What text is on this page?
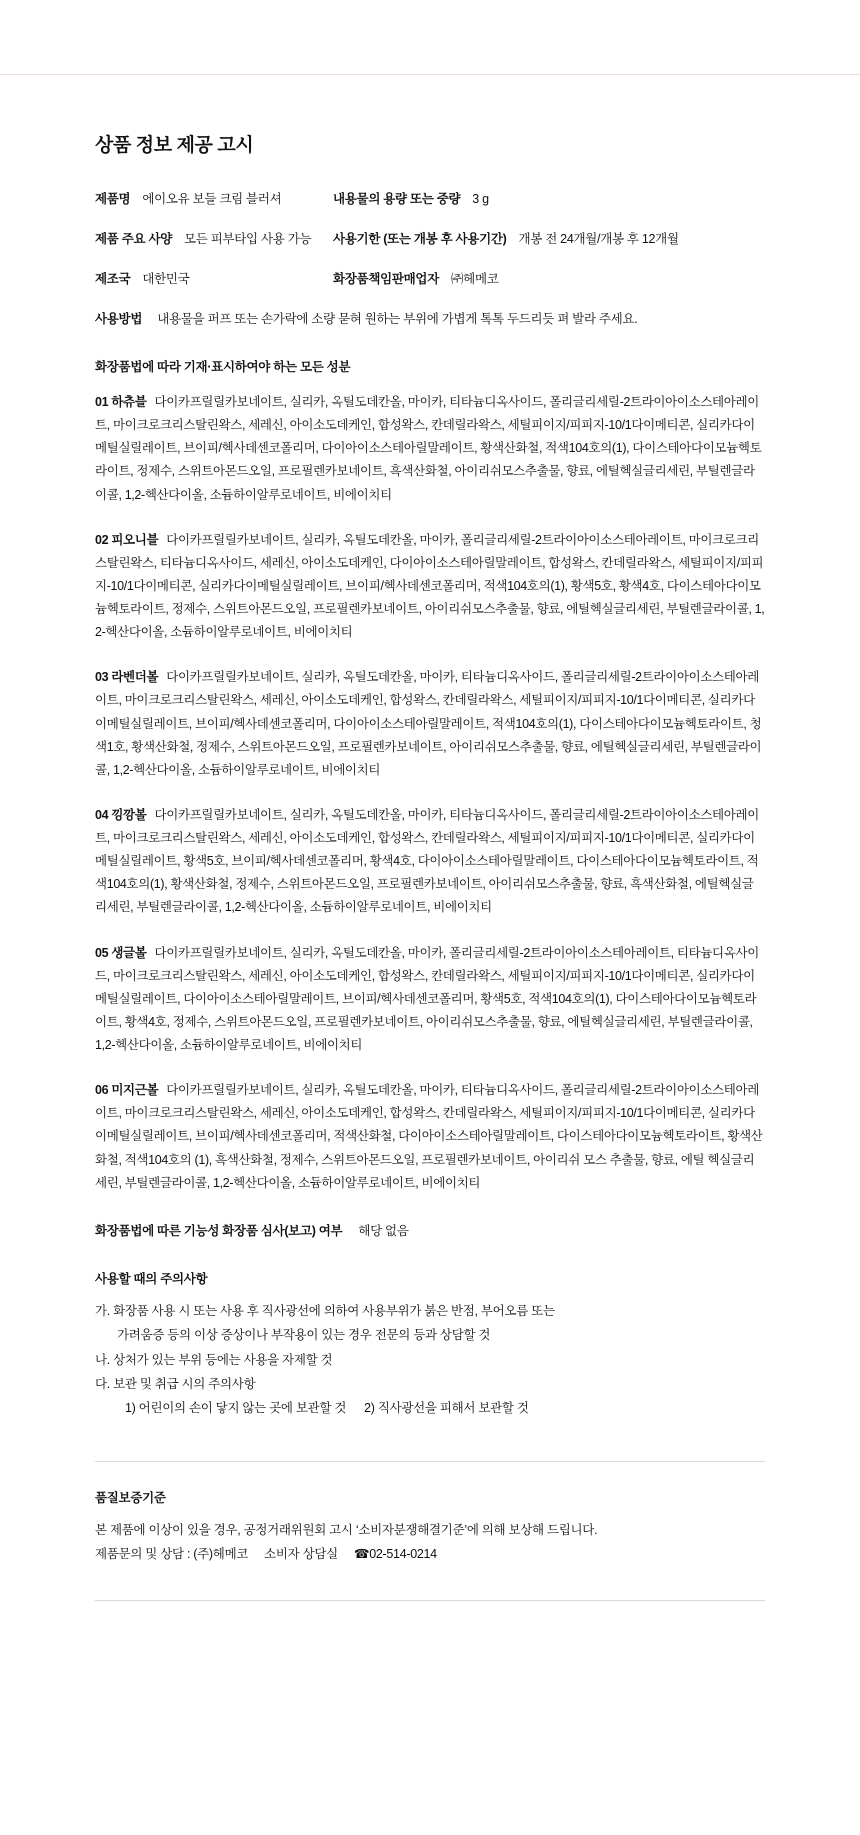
상품 정보 제공 고시
제품명 에이오유 보들 크림 블러셔	내용물의 용량 또는 중량 3 g
제품 주요 사양 모든 피부타입 사용 가능 사용기한 (또는 개봉 후 사용기간) 개봉 전 24개월/개봉 후 12개월
제조국 대한민국	화장품책임판매업자 ㈜헤메코
사용방법 내용물을 퍼프 또는 손가락에 소량 묻혀 원하는 부위에 가볍게 톡톡 두드리듯 펴 발라 주세요.
화장품법에 따라 기재·표시하여야 하는 모든 성분
01 하츄블 다이카프릴릴카보네이트, 실리카, 옥틸도데칸올, 마이카, 티타늄디옥사이드, 폴리글리세릴-2트라이아이소스테아레이트, 마이크로크리스탈린왁스, 세레신, 아이소도데케인, 합성왁스, 칸데릴라왁스, 세틸피이지/피피지-10/1다이메티콘, 실리카다이메틸실릴레이트, 브이피/헥사데센코폴리머, 다이아이소스테아릴말레이트, 황색산화철, 적색104호의(1), 다이스테아다이모늄헥토라이트, 정제수, 스위트아몬드오일, 프로필렌카보네이트, 흑색산화철, 아이리쉬모스추출물, 향료, 에틸헥실글리세린, 부틸렌글라이콜, 1,2-헥산다이올, 소듐하이알루로네이트, 비에이치티
02 피오니블 다이카프릴릴카보네이트, 실리카, 옥틸도데칸올, 마이카, 폴리글리세릴-2트라이아이소스테아레이트, 마이크로크리스탈린왁스, 티타늄디옥사이드, 세레신, 아이소도데케인, 다이아이소스테아릴말레이트, 합성왁스, 칸데릴라왁스, 세틸피이지/피피지-10/1다이메티콘, 실리카다이메틸실릴레이트, 브이피/헥사데센코폴리머, 적색104호의(1), 황색5호, 황색4호, 다이스테아다이모늄헥토라이트, 정제수, 스위트아몬드오일, 프로필렌카보네이트, 아이리쉬모스추출물, 향료, 에틸헥실글리세린, 부틸렌글라이콜, 1,2-헥산다이올, 소듐하이알루로네이트, 비에이치티
03 라벤더볼 다이카프릴릴카보네이트, 실리카, 옥틸도데칸올, 마이카, 티타늄디옥사이드, 폴리글리세릴-2트라이아이소스테아레이트, 마이크로크리스탈린왁스, 세레신, 아이소도데케인, 합성왁스, 칸데릴라왁스, 세틸피이지/피피지-10/1다이메티콘, 실리카다이메틸실릴레이트, 브이피/헥사데센코폴리머, 다이아이소스테아릴말레이트, 적색104호의(1), 다이스테아다이모늄헥토라이트, 청색1호, 황색산화철, 정제수, 스위트아몬드오일, 프로필렌카보네이트, 아이리쉬모스추출물, 향료, 에틸헥실글리세린, 부틸렌글라이콜, 1,2-헥산다이올, 소듐하이알루로네이트, 비에이치티
04 낑깡볼 다이카프릴릴카보네이트, 실리카, 옥틸도데칸올, 마이카, 티타늄디옥사이드, 폴리글리세릴-2트라이아이소스테아레이트, 마이크로크리스탈린왁스, 세레신, 아이소도데케인, 합성왁스, 칸데릴라왁스, 세틸피이지/피피지-10/1다이메티콘, 실리카다이메틸실릴레이트, 황색5호, 브이피/헥사데센코폴리머, 황색4호, 다이아이소스테아릴말레이트, 다이스테아다이모늄헥토라이트, 적색104호의(1), 황색산화철, 정제수, 스위트아몬드오일, 프로필렌카보네이트, 아이리쉬모스추출물, 향료, 흑색산화철, 에틸헥실글리세린, 부틸렌글라이콜, 1,2-헥산다이올, 소듐하이알루로네이트, 비에이치티
05 생글볼 다이카프릴릴카보네이트, 실리카, 옥틸도데칸올, 마이카, 폴리글리세릴-2트라이아이소스테아레이트, 티타늄디옥사이드, 마이크로크리스탈린왁스, 세레신, 아이소도데케인, 합성왁스, 칸데릴라왁스, 세틸피이지/피피지-10/1다이메티콘, 실리카다이메틸실릴레이트, 다이아이소스테아릴말레이트, 브이피/헥사데센코폴리머, 황색5호, 적색104호의(1), 다이스테아다이모늄헥토라이트, 황색4호, 정제수, 스위트아몬드오일, 프로필렌카보네이트, 아이리쉬모스추출물, 향료, 에틸헥실글리세린, 부틸렌글라이콜, 1,2-헥산다이올, 소듐하이알루로네이트, 비에이치티
06 미지근볼 다이카프릴릴카보네이트, 실리카, 옥틸도데칸올, 마이카, 티타늄디옥사이드, 폴리글리세릴-2트라이아이소스테아레이트, 마이크로크리스탈린왁스, 세레신, 아이소도데케인, 합성왁스, 칸데릴라왁스, 세틸피이지/피피지-10/1다이메티콘, 실리카다이메틸실릴레이트, 브이피/헥사데센코폴리머, 적색산화철, 다이아이소스테아릴말레이트, 다이스테아다이모늄헥토라이트, 황색산화철, 적색104호의 (1), 흑색산화철, 정제수, 스위트아몬드오일, 프로필렌카보네이트, 아이리쉬 모스 추출물, 향료, 에틸 헥실글리세린, 부틸렌글라이콜, 1,2-헥산다이올, 소듐하이알루로네이트, 비에이치티
화장품법에 따른 기능성 화장품 심사(보고) 여부 해당 없음
사용할 때의 주의사항
가. 화장품 사용 시 또는 사용 후 직사광선에 의하여 사용부위가 붉은 반점, 부어오름 또는
가려움증 등의 이상 증상이나 부작용이 있는 경우 전문의 등과 상담할 것
나. 상처가 있는 부위 등에는 사용을 자제할 것
다. 보관 및 취급 시의 주의사항
1) 어린이의 손이 닿지 않는 곳에 보관할 것 2) 직사광선을 피해서 보관할 것
품질보증기준
본 제품에 이상이 있을 경우, 공정거래위원회 고시 ‘소비자분쟁해결기준’에 의해 보상해 드립니다.
제품문의 및 상담 : (주)헤메코 소비자 상담실 ☎02-514-0214
